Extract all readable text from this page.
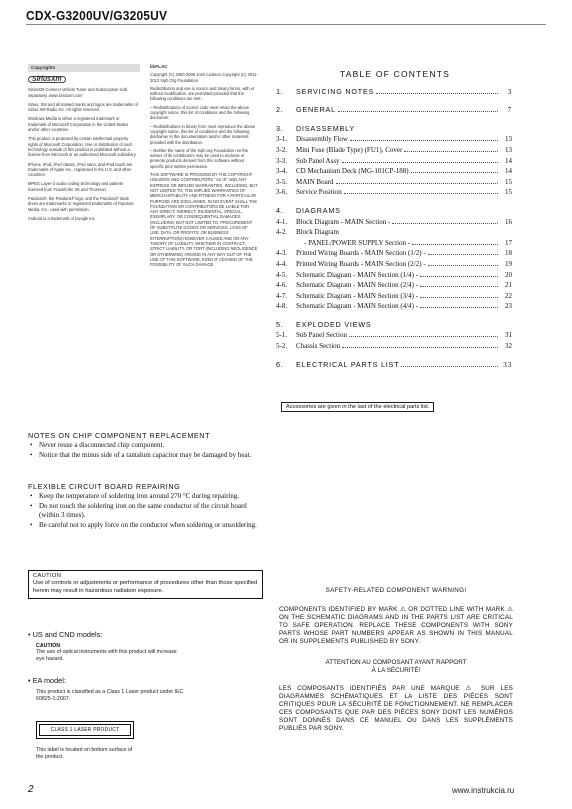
CDX-G3200UV/G3205UV
Copyrights
SiriusXm

SiriusXM Connect Vehicle Tuner and Subscription sold separately. www.siriusxm.com

Sirius, XM and all related marks and logos are trademarks of Sirius XM Radio Inc. All rights reserved.

Windows Media is either a registered trademark or trademark of Microsoft Corporation in the United States and/or other countries.

This product is protected by certain intellectual property rights of Microsoft Corporation. Use or distribution of such technology outside of this product is prohibited without a license from Microsoft or an authorized Microsoft subsidiary.

iPhone, iPod, iPod classic, iPod nano, and iPod touch are trademarks of Apple Inc., registered in the U.S. and other countries.

MPEG Layer-3 audio coding technology and patents licensed from Fraunhofer IIS and Thomson.

Pandora®, the Pandora® logo, and the Pandora® trade dress are trademarks or registered trademarks of Pandora Media, Inc., used with permission.

Android is a trademark of Google Inc.

libFLAC

Copyright (C) 2000-2009 Josh Coalson Copyright (C) 2011-2013 Xiph.Org Foundation

Redistribution and use in source and binary forms, with or without modification, are permitted provided that the following conditions are met:

– Redistributions of source code must retain the above copyright notice, this list of conditions and the following disclaimer.

– Redistributions in binary form must reproduce the above copyright notice, this list of conditions and the following disclaimer in the documentation and/or other materials provided with the distribution.

– Neither the name of the Xiph.org Foundation nor the names of its contributors may be used to endorse or promote products derived from this software without specific prior written permission.

THIS SOFTWARE IS PROVIDED BY THE COPYRIGHT HOLDERS AND CONTRIBUTORS "AS IS" AND ANY EXPRESS OR IMPLIED WARRANTIES, INCLUDING, BUT NOT LIMITED TO, THE IMPLIED WARRANTIES OF MERCHANTABILITY AND FITNESS FOR A PARTICULAR PURPOSE ARE DISCLAIMED. IN NO EVENT SHALL THE FOUNDATION OR CONTRIBUTORS BE LIABLE FOR ANY DIRECT, INDIRECT, INCIDENTAL, SPECIAL, EXEMPLARY, OR CONSEQUENTIAL DAMAGES (INCLUDING, BUT NOT LIMITED TO, PROCUREMENT OF SUBSTITUTE GOODS OR SERVICES; LOSS OF USE, DATA, OR PROFITS; OR BUSINESS INTERRUPTION) HOWEVER CAUSED AND ON ANY THEORY OF LIABILITY, WHETHER IN CONTRACT, STRICT LIABILITY, OR TORT (INCLUDING NEGLIGENCE OR OTHERWISE) ARISING IN ANY WAY OUT OF THE USE OF THIS SOFTWARE, EVEN IF ADVISED OF THE POSSIBILITY OF SUCH DAMAGE.

TABLE OF CONTENTS
1.	SERVICING NOTES	3
2.	GENERAL	7
3.	DISASSEMBLY
3-1.	Disassembly Flow	13
3-2.	Mini Fuse (Blade Type) (FU1), Cover	13
3-3.	Sub Panel Assy	14
3-4.	CD Mechanism Deck (MG-101CP-188)	14
3-5.	MAIN Board	15
3-6.	Service Position	15
4.	DIAGRAMS
4-1.	Block Diagram - MAIN Section -	16
4-2.	Block Diagram
- PANEL/POWER SUPPLY Section -	17
4-3.	Printed Wiring Boards - MAIN Section (1/2) -	18
4-4.	Printed Wiring Boards - MAIN Section (2/2) -	19
4-5.	Schematic Diagram - MAIN Section (1/4) -	20
4-6.	Schematic Diagram - MAIN Section (2/4) -	21
4-7.	Schematic Diagram - MAIN Section (3/4) -	22
4-8.	Schematic Diagram - MAIN Section (4/4) -	23
5.	EXPLODED VIEWS
5-1.	Sub Panel Section	31
5-2.	Chassis Section	32
6.	ELECTRICAL PARTS LIST	33
Accessories are given in the last of the electrical parts list.
NOTES ON CHIP COMPONENT REPLACEMENT
• Never reuse a disconnected chip component.
• Notice that the minus side of a tantalum capacitor may be damaged by heat.
FLEXIBLE CIRCUIT BOARD REPAIRING
• Keep the temperature of soldering iron around 270 °C during repairing.
• Do not touch the soldering iron on the same conductor of the circuit board (within 3 times).
• Be careful not to apply force on the conductor when soldering or unsoldering.
CAUTION
Use of controls or adjustments or performance of procedures other than those specified herein may result in hazardous radiation exposure.
• US and CND models:
CAUTION
The use of optical instruments with this product will increase eye hazard.
• EA model:
This product is classified as a Class 1 Laser product under IEC 60825-1:2007.
CLASS 1 LASER PRODUCT
This label is located on bottom surface of the product.
2
SAFETY-RELATED COMPONENT WARNING!
COMPONENTS IDENTIFIED BY MARK ⚠ OR DOTTED LINE WITH MARK ⚠ ON THE SCHEMATIC DIAGRAMS AND IN THE PARTS LIST ARE CRITICAL TO SAFE OPERATION. REPLACE THESE COMPONENTS WITH SONY PARTS WHOSE PART NUMBERS APPEAR AS SHOWN IN THIS MANUAL OR IN SUPPLEMENTS PUBLISHED BY SONY.
ATTENTION AU COMPOSANT AYANT RAPPORT
À LA SÉCURITÉ!
LES COMPOSANTS IDENTIFIÉS PAR UNE MARQUE ⚠ SUR LES DIAGRAMMES SCHÉMATIQUES ET LA LISTE DES PIÈCES SONT CRITIQUES POUR LA SÉCURITÉ DE FONCTIONNEMENT. NE REMPLACER CES COMPOSANTS QUE PAR DES PIÈCES SONY DONT LES NUMÉROS SONT DONNÉS DANS CE MANUEL OU DANS LES SUPPLÉMENTS PUBLIÉS PAR SONY.
www.instrukcia.ru
